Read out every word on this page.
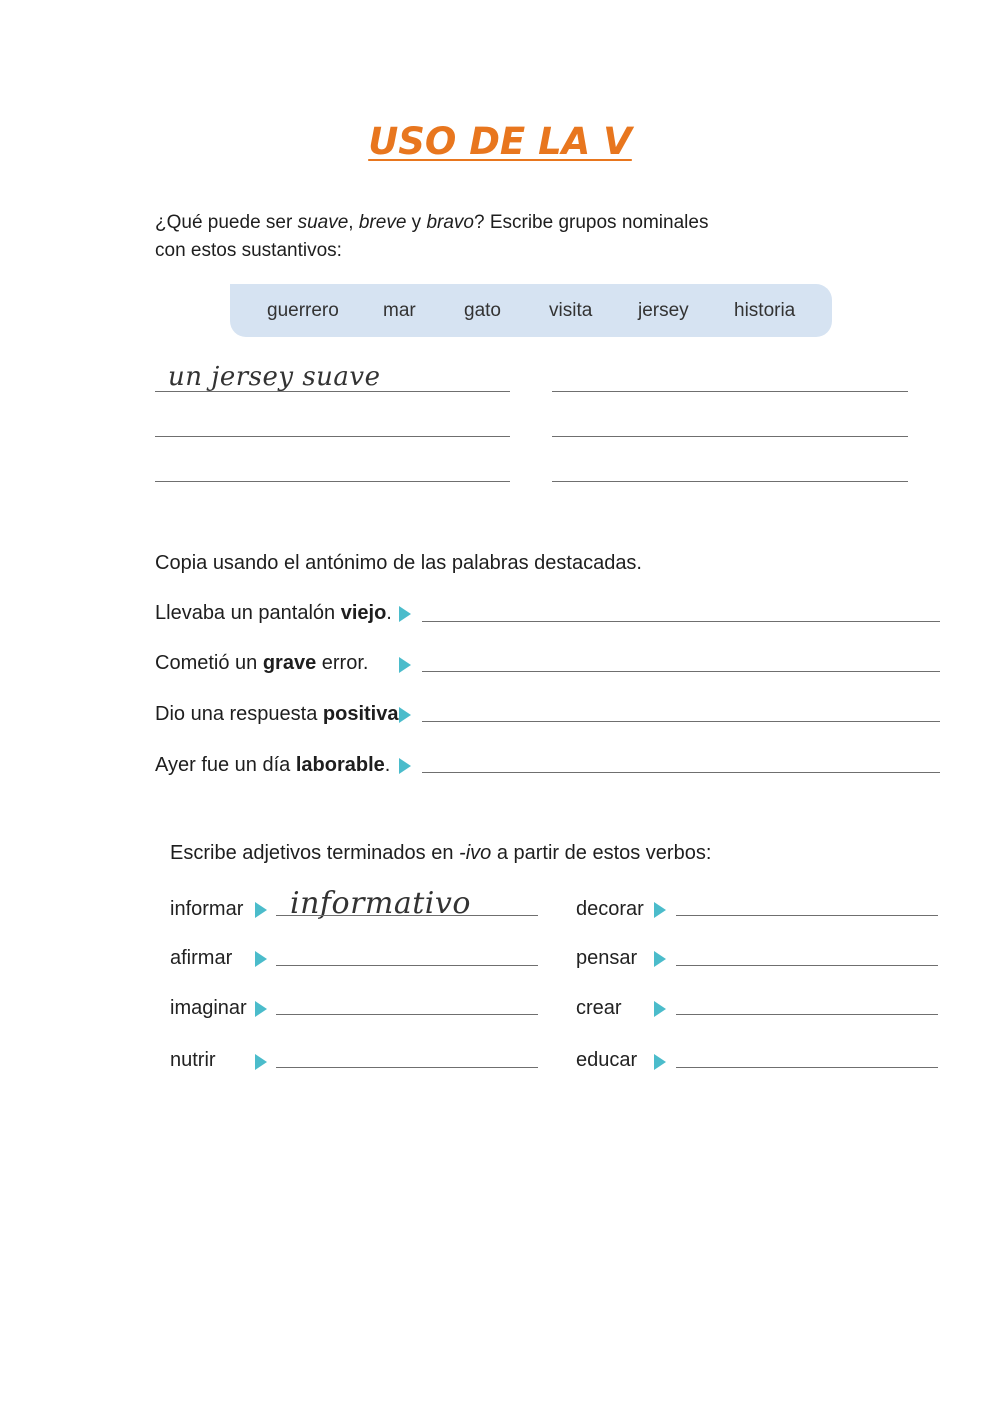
USO DE LA V
¿Qué puede ser suave, breve y bravo? Escribe grupos nominales
con estos sustantivos:
guerrero mar	gato	visita jersey historia
un jersey suave
Copia usando el antónimo de las palabras destacadas.
Llevaba un pantalón viejo.
Cometió un grave error.
Dio una respuesta positiva.
Ayer fue un día laborable.
Escribe adjetivos terminados en -ivo a partir de estos verbos:
informar informativo
afirmar
imaginar
nutrir
decorar
pensar
crear
educar
